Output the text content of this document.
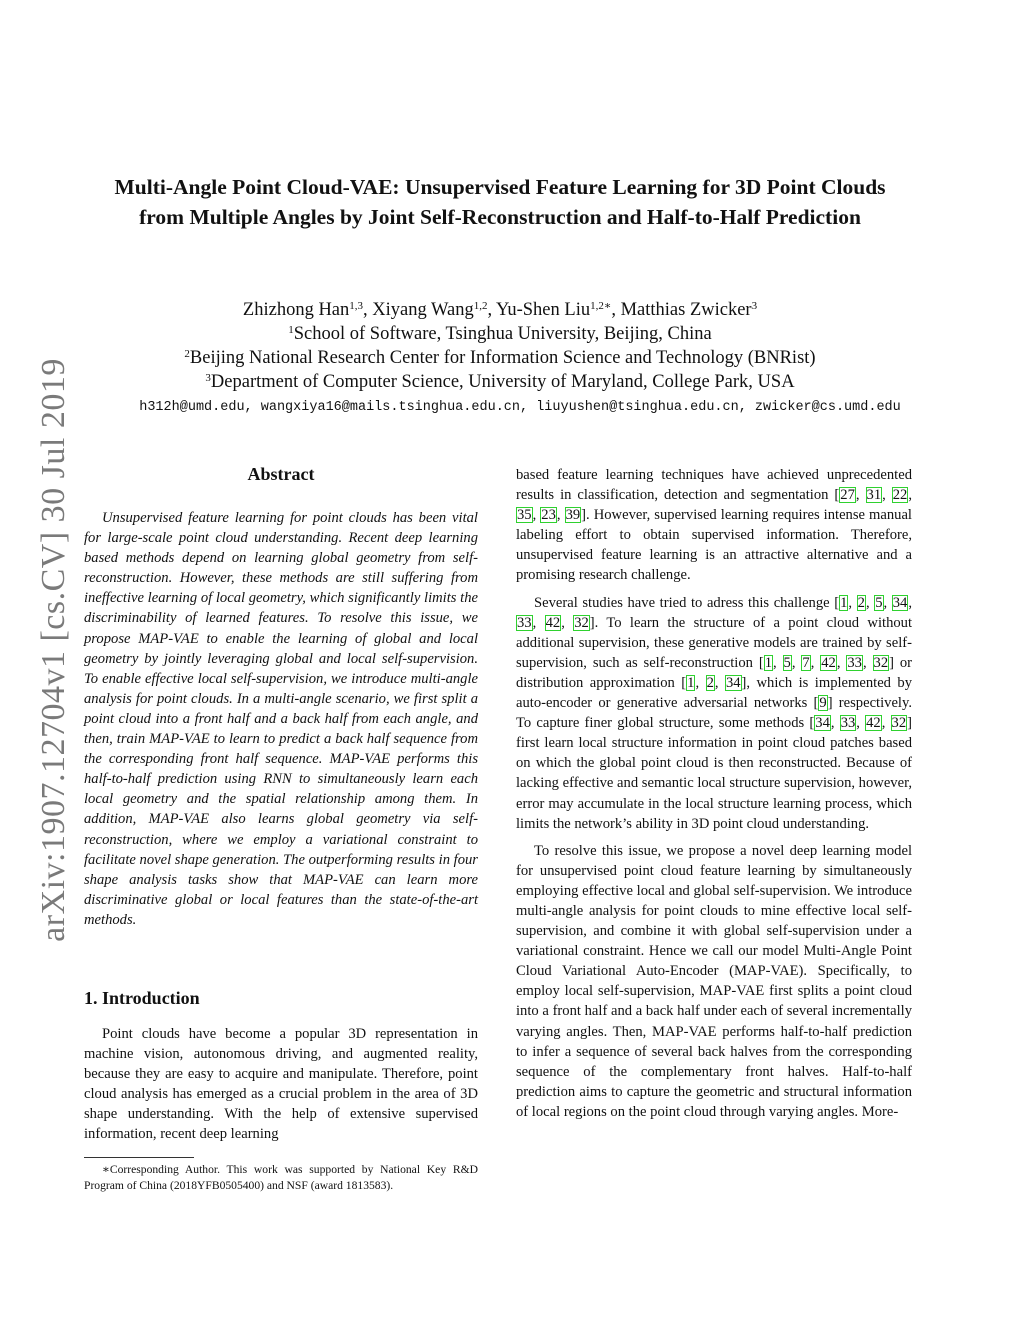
arXiv:1907.12704v1 [cs.CV] 30 Jul 2019
Multi-Angle Point Cloud-VAE: Unsupervised Feature Learning for 3D Point Clouds from Multiple Angles by Joint Self-Reconstruction and Half-to-Half Prediction
Zhizhong Han$^{1,3}$, Xiyang Wang$^{1,2}$, Yu-Shen Liu$^{1,2∗}$, Matthias Zwicker$^3$
$^1$School of Software, Tsinghua University, Beijing, China
$^2$Beijing National Research Center for Information Science and Technology (BNRist)
$^3$Department of Computer Science, University of Maryland, College Park, USA
h312h@umd.edu, wangxiya16@mails.tsinghua.edu.cn, liuyushen@tsinghua.edu.cn, zwicker@cs.umd.edu
Abstract
Unsupervised feature learning for point clouds has been vital for large-scale point cloud understanding. Recent deep learning based methods depend on learning global geometry from self-reconstruction. However, these methods are still suffering from ineffective learning of local geometry, which significantly limits the discriminability of learned features. To resolve this issue, we propose MAP-VAE to enable the learning of global and local geometry by jointly leveraging global and local self-supervision. To enable effective local self-supervision, we introduce multi-angle analysis for point clouds. In a multi-angle scenario, we first split a point cloud into a front half and a back half from each angle, and then, train MAP-VAE to learn to predict a back half sequence from the corresponding front half sequence. MAP-VAE performs this half-to-half prediction using RNN to simultaneously learn each local geometry and the spatial relationship among them. In addition, MAP-VAE also learns global geometry via self-reconstruction, where we employ a variational constraint to facilitate novel shape generation. The outperforming results in four shape analysis tasks show that MAP-VAE can learn more discriminative global or local features than the state-of-the-art methods.
1. Introduction

Point clouds have become a popular 3D representation in machine vision, autonomous driving, and augmented reality, because they are easy to acquire and manipulate. Therefore, point cloud analysis has emerged as a crucial problem in the area of 3D shape understanding. With the help of extensive supervised information, recent deep learning

∗Corresponding Author. This work was supported by National Key R&D Program of China (2018YFB0505400) and NSF (award 1813583).

based feature learning techniques have achieved unprecedented results in classification, detection and segmentation [27, 31, 22, 35, 23, 39]. However, supervised learning requires intense manual labeling effort to obtain supervised information. Therefore, unsupervised feature learning is an attractive alternative and a promising research challenge.

Several studies have tried to adress this challenge [1, 2, 5, 34, 33, 42, 32]. To learn the structure of a point cloud without additional supervision, these generative models are trained by self-supervision, such as self-reconstruction [1, 5, 7, 42, 33, 32] or distribution approximation [1, 2, 34], which is implemented by auto-encoder or generative adversarial networks [9] respectively. To capture finer global structure, some methods [34, 33, 42, 32] first learn local structure information in point cloud patches based on which the global point cloud is then reconstructed. Because of lacking effective and semantic local structure supervision, however, error may accumulate in the local structure learning process, which limits the network’s ability in 3D point cloud understanding.

To resolve this issue, we propose a novel deep learning model for unsupervised point cloud feature learning by simultaneously employing effective local and global self-supervision. We introduce multi-angle analysis for point clouds to mine effective local self-supervision, and combine it with global self-supervision under a variational constraint. Hence we call our model Multi-Angle Point Cloud Variational Auto-Encoder (MAP-VAE). Specifically, to employ local self-supervision, MAP-VAE first splits a point cloud into a front half and a back half under each of several incrementally varying angles. Then, MAP-VAE performs half-to-half prediction to infer a sequence of several back halves from the corresponding sequence of the complementary front halves. Half-to-half prediction aims to capture the geometric and structural information of local regions on the point cloud through varying angles. More-
